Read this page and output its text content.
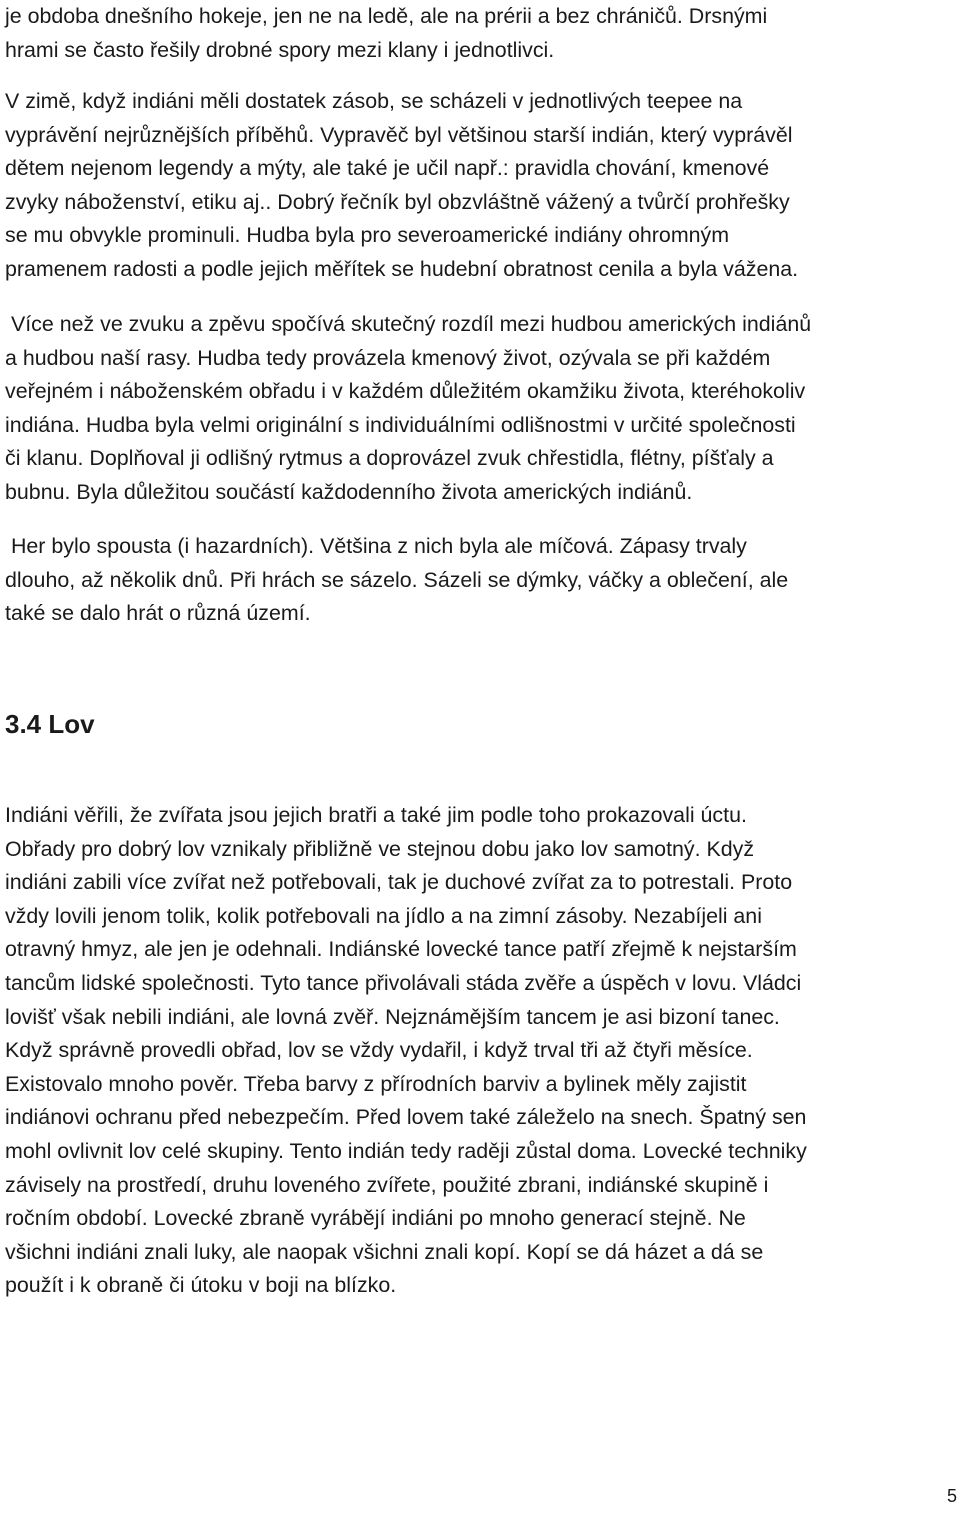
je obdoba dnešního hokeje, jen ne na ledě, ale na prérii a bez chráničů. Drsnými
hrami se často řešily drobné spory mezi klany i jednotlivci.
V zimě, když indiáni měli dostatek zásob, se scházeli v jednotlivých teepee na
vyprávění nejrůznějších příběhů. Vypravěč byl většinou starší indián, který vyprávěl
dětem nejenom legendy a mýty, ale také je učil např.: pravidla chování, kmenové
zvyky náboženství, etiku aj.. Dobrý řečník byl obzvláštně vážený a tvůrčí prohřešky
se mu obvykle prominuli. Hudba byla pro severoamerické indiány ohromným
pramenem radosti a podle jejich měřítek se hudební obratnost cenila a byla vážena.
Více než ve zvuku a zpěvu spočívá skutečný rozdíl mezi hudbou amerických indiánů
a hudbou naší rasy. Hudba tedy provázela kmenový život, ozývala se při každém
veřejném i náboženském obřadu i v každém důležitém okamžiku života, kteréhokoliv
indiána. Hudba byla velmi originální s individuálními odlišnostmi v určité společnosti
či klanu. Doplňoval ji odlišný rytmus a doprovázel zvuk chřestidla, flétny, píšťaly a
bubnu. Byla důležitou součástí každodenního života amerických indiánů.
Her bylo spousta (i hazardních). Většina z nich byla ale míčová. Zápasy trvaly
dlouho, až několik dnů. Při hrách se sázelo. Sázeli se dýmky, váčky a oblečení, ale
také se dalo hrát o různá území.
3.4 Lov
Indiáni věřili, že zvířata jsou jejich bratři a také jim podle toho prokazovali úctu.
Obřady pro dobrý lov vznikaly přibližně ve stejnou dobu jako lov samotný. Když
indiáni zabili více zvířat než potřebovali, tak je duchové zvířat za to potrestali. Proto
vždy lovili jenom tolik, kolik potřebovali na jídlo a na zimní zásoby. Nezabíjeli ani
otravný hmyz, ale jen je odehnali. Indiánské lovecké tance patří zřejmě k nejstarším
tancům lidské společnosti. Tyto tance přivolávali stáda zvěře a úspěch v lovu. Vládci
lovišť však nebili indiáni, ale lovná zvěř. Nejznámějším tancem je asi bizoní tanec.
Když správně provedli obřad, lov se vždy vydařil, i když trval tři až čtyři měsíce.
Existovalo mnoho pověr. Třeba barvy z přírodních barviv a bylinek měly zajistit
indiánovi ochranu před nebezpečím. Před lovem také záleželo na snech. Špatný sen
mohl ovlivnit lov celé skupiny. Tento indián tedy raději zůstal doma. Lovecké techniky
závisely na prostředí, druhu loveného zvířete, použité zbrani, indiánské skupině i
ročním období. Lovecké zbraně vyrábějí indiáni po mnoho generací stejně. Ne
všichni indiáni znali luky, ale naopak všichni znali kopí. Kopí se dá házet a dá se
použít i k obraně či útoku v boji na blízko.
5
